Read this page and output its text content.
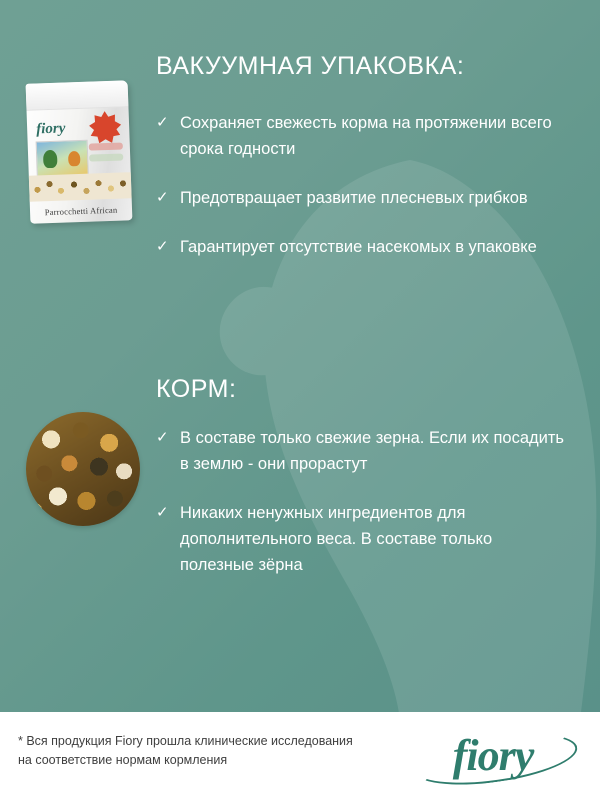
fiory
Parrocchetti African
ВАКУУМНАЯ УПАКОВКА:
✓ Сохраняет свежесть корма на протяжении всего срока годности
✓ Предотвращает развитие плесневых грибков
✓ Гарантирует отсутствие насекомых в упаковке
КОРМ:
✓ В составе только свежие зерна. Если их посадить в землю - они прорастут
✓ Никаких ненужных ингредиентов для дополнительного веса. В составе только полезные зёрна
* Вся продукция Fiory прошла клинические исследования на соответствие нормам кормления	fiory
